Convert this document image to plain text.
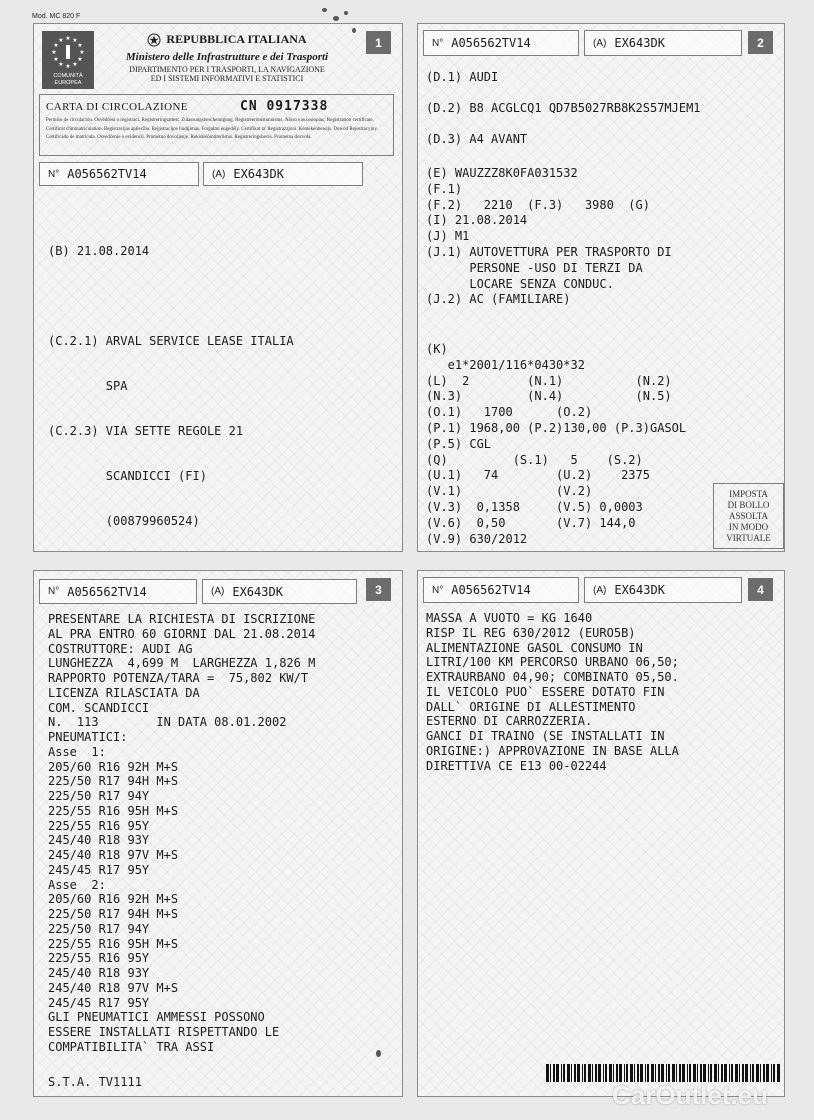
Mod. MC 820 F
★ ★
★
★
★
★
★
★
★
★
★
★
COMUNITÀ EUROPEA
REPUBBLICA ITALIANA
Ministero delle Infrastrutture e dei Trasporti
DIPARTIMENTO PER I TRASPORTI, LA NAVIGAZIONE
ED I SISTEMI INFORMATIVI E STATISTICI
1
CARTA DI CIRCOLAZIONE	CN 0917338
Permiso de circulación. Osvědčení o registraci. Registreringsattest. Zulassungsbescheinigung. Registreerimistunnistus. Άδεια κυκλοφορίας. Registration certificate. Certificat d'immatriculation. Registracijas apliecība. Registracijos liudijimas. Forgalmi engedély. Certifikat ta' Registrazzjoni. Kentekenbewijs. Dowód Rejestracyjny. Certificado de matrícula. Osvedčenie o evidencii. Prometno dovoljenje. Rekisteröintitodistus. Registreringsbevis. Prometna dozvola.
N° A056562TV14	(A) EX643DK

(B) 21.08.2014

(C.2.1) ARVAL SERVICE LEASE ITALIA

SPA

(C.2.3) VIA SETTE REGOLE 21

SCANDICCI (FI)

(00879960524)

N° A056562TV14	(A) EX643DK	2
(D.1) AUDI

(D.2) B8 ACGLCQ1 QD7B5027RB8K2S57MJEM1

(D.3) A4 AVANT
(E) WAUZZZ8K0FA031532
(F.1)
(F.2)   2210  (F.3)   3980  (G)
(I) 21.08.2014
(J) M1
(J.1) AUTOVETTURA PER TRASPORTO DI
PERSONE -USO DI TERZI DA
LOCARE SENZA CONDUC.
(J.2) AC (FAMILIARE)
(K)
e1*2001/116*0430*32
(L)  2        (N.1)          (N.2)
(N.3)         (N.4)          (N.5)
(O.1)   1700      (O.2)
(P.1) 1968,00 (P.2)130,00 (P.3)GASOL
(P.5) CGL
(Q)         (S.1)   5    (S.2)
(U.1)   74        (U.2)    2375
(V.1)             (V.2)
(V.3)  0,1358     (V.5) 0,0003
(V.6)  0,50       (V.7) 144,0
(V.9) 630/2012
IMPOSTA
DI BOLLO
ASSOLTA
IN MODO
VIRTUALE
N° A056562TV14	(A) EX643DK	3
PRESENTARE LA RICHIESTA DI ISCRIZIONE
AL PRA ENTRO 60 GIORNI DAL 21.08.2014
COSTRUTTORE: AUDI AG
LUNGHEZZA  4,699 M  LARGHEZZA 1,826 M
RAPPORTO POTENZA/TARA =  75,802 KW/T
LICENZA RILASCIATA DA
COM. SCANDICCI
N.  113        IN DATA 08.01.2002
PNEUMATICI:
Asse  1:
205/60 R16 92H M+S
225/50 R17 94H M+S
225/50 R17 94Y
225/55 R16 95H M+S
225/55 R16 95Y
245/40 R18 93Y
245/40 R18 97V M+S
245/45 R17 95Y
Asse  2:
205/60 R16 92H M+S
225/50 R17 94H M+S
225/50 R17 94Y
225/55 R16 95H M+S
225/55 R16 95Y
245/40 R18 93Y
245/40 R18 97V M+S
245/45 R17 95Y
GLI PNEUMATICI AMMESSI POSSONO
ESSERE INSTALLATI RISPETTANDO LE
COMPATIBILITA` TRA ASSI
S.T.A. TV1111
N° A056562TV14	(A) EX643DK	4
MASSA A VUOTO = KG 1640
RISP IL REG 630/2012 (EURO5B)
ALIMENTAZIONE GASOL CONSUMO IN
LITRI/100 KM PERCORSO URBANO 06,50;
EXTRAURBANO 04,90; COMBINATO 05,50.
IL VEICOLO PUO` ESSERE DOTATO FIN
DALL` ORIGINE DI ALLESTIMENTO
ESTERNO DI CARROZZERIA.
GANCI DI TRAINO (SE INSTALLATI IN
ORIGINE:) APPROVAZIONE IN BASE ALLA
DIRETTIVA CE E13 00-02244
CarOutlet.eu
